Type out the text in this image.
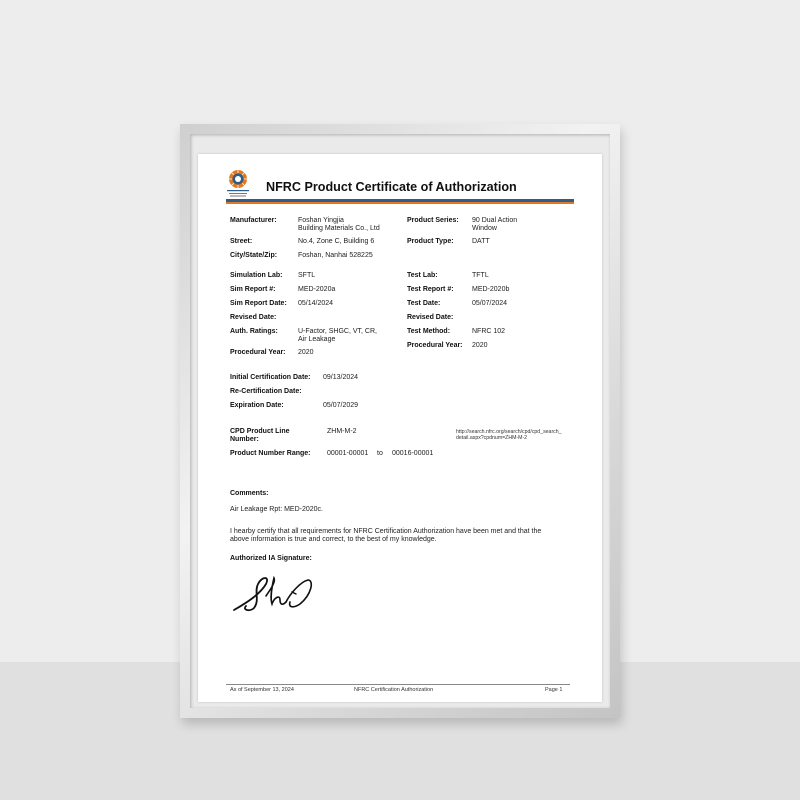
NFRC Product Certificate of Authorization
Manufacturer:	Foshan Yingjia
Building Materials Co., Ltd
Street:	No.4, Zone C, Building 6
City/State/Zip:	Foshan, Nanhai 528225
Simulation Lab: SFTL
Sim Report #:	MED-2020a
Sim Report Date: 05/14/2024
Revised Date:
Auth. Ratings:	U-Factor, SHGC, VT, CR,
Air Leakage
Procedural Year: 2020
Product Series: 90 Dual Action
Window
Product Type:	DATT
Test Lab:	TFTL
Test Report #:	MED-2020b
Test Date:	05/07/2024
Revised Date:
Test Method:	NFRC 102
Procedural Year: 2020
Initial Certification Date: 09/13/2024
Re-Certification Date:
Expiration Date:	05/07/2029
CPD Product Line
Number:
ZHM-M-2	http://search.nfrc.org/search/cpd/cpd_search_
detail.aspx?cpdnum=ZHM-M-2
Product Number Range: 00001-00001 to 00016-00001
Comments:
Air Leakage Rpt: MED-2020c.
I hearby certify that all requirements for NFRC Certification Authorization have been met and that the
above information is true and correct, to the best of my knowledge.
Authorized IA Signature:
As of September 13, 2024	NFRC Certification Authorization	Page 1
